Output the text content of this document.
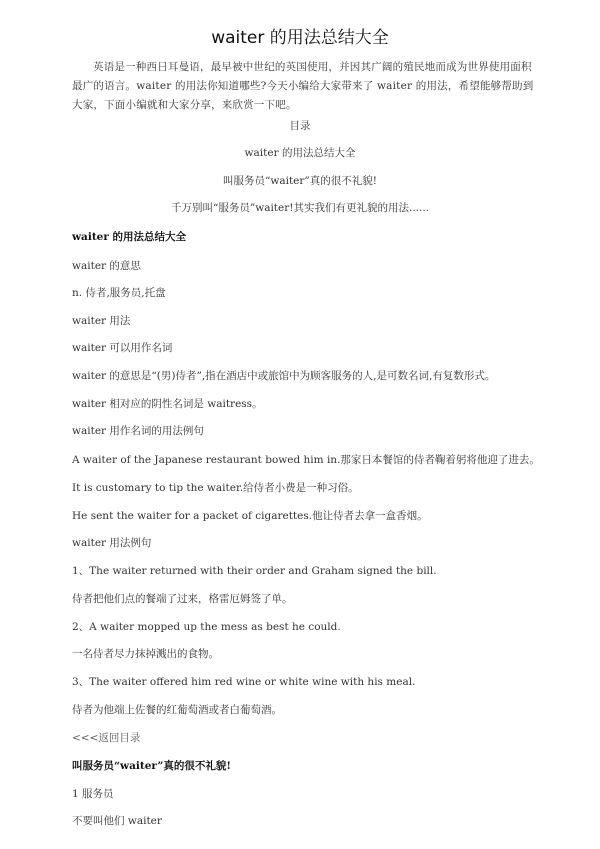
waiter 的用法总结大全
英语是一种西日耳曼语，最早被中世纪的英国使用，并因其广阔的殖民地而成为世界使用面积最广的语言。waiter 的用法你知道哪些?今天小编给大家带来了 waiter 的用法，希望能够帮助到大家，下面小编就和大家分享，来欣赏一下吧。
目录
waiter 的用法总结大全
叫服务员“waiter”真的很不礼貌!
千万别叫“服务员”waiter!其实我们有更礼貌的用法......
waiter 的用法总结大全
waiter 的意思
n. 侍者,服务员,托盘
waiter 用法
waiter 可以用作名词
waiter 的意思是“(男)侍者”,指在酒店中或旅馆中为顾客服务的人,是可数名词,有复数形式。
waiter 相对应的阴性名词是 waitress。
waiter 用作名词的用法例句
A waiter of the Japanese restaurant bowed him in.那家日本餐馆的侍者鞠着躬将他迎了进去。
It is customary to tip the waiter.给侍者小费是一种习俗。
He sent the waiter for a packet of cigarettes.他让侍者去拿一盒香烟。
waiter 用法例句
1、The waiter returned with their order and Graham signed the bill.
侍者把他们点的餐端了过来，格雷厄姆签了单。
2、A waiter mopped up the mess as best he could.
一名侍者尽力抹掉溅出的食物。
3、The waiter offered him red wine or white wine with his meal.
侍者为他端上佐餐的红葡萄酒或者白葡萄酒。
<<<返回目录
叫服务员“waiter”真的很不礼貌!
1 服务员
不要叫他们 waiter
